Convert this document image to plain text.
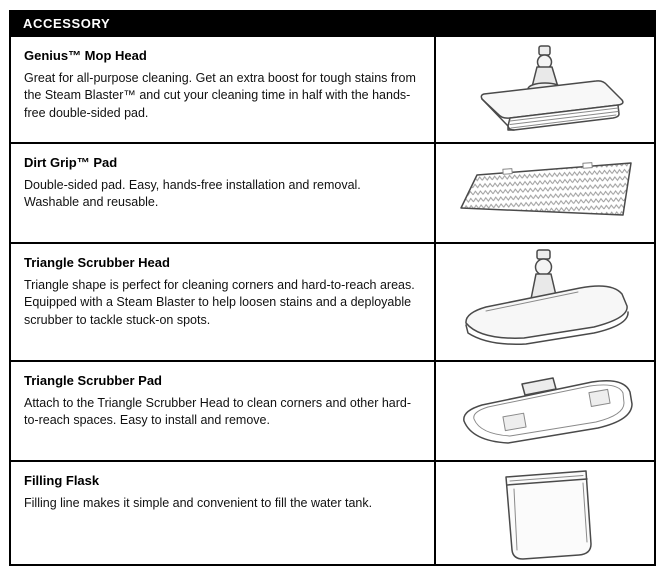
ACCESSORY

Genius™ Mop Head

Great for all-purpose cleaning. Get an extra boost for tough stains from the Steam Blaster™ and cut your cleaning time in half with the hands-free double-sided pad.

Dirt Grip™ Pad

Double-sided pad. Easy, hands-free installation and removal. Washable and reusable.

Triangle Scrubber Head

Triangle shape is perfect for cleaning corners and hard-to-reach areas. Equipped with a Steam Blaster to help loosen stains and a deployable scrubber to tackle stuck-on spots.

Triangle Scrubber Pad

Attach to the Triangle Scrubber Head to clean corners and other hard-to-reach spaces. Easy to install and remove.

Filling Flask

Filling line makes it simple and convenient to fill the water tank.
